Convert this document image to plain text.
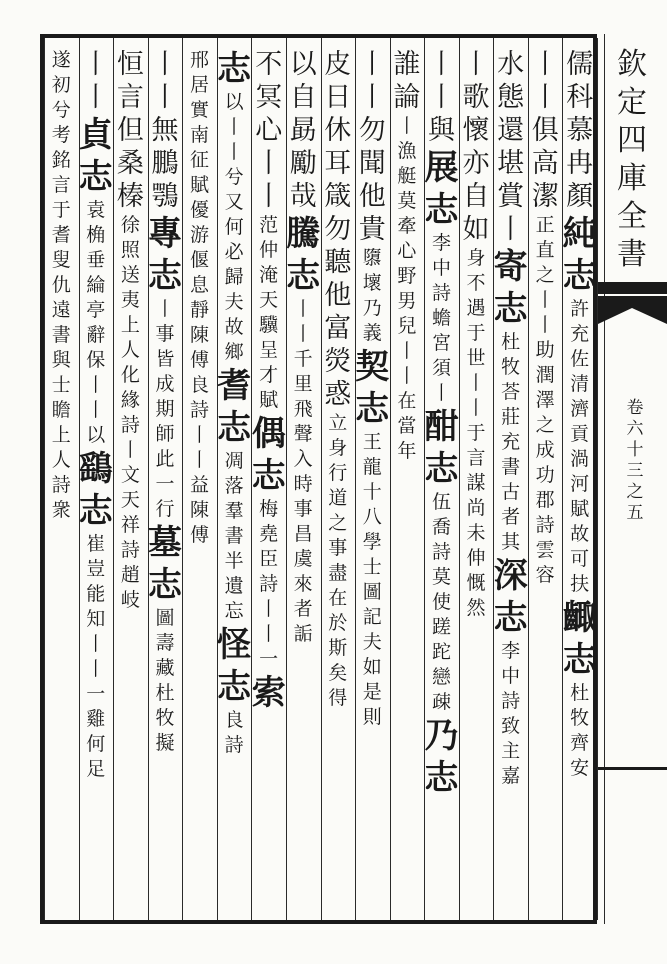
欽
定
四
庫
全
書
卷
六
十
三
之
五
儒
科
慕
冉
顏
純
志
許
充
佐
清
濟
貢
渦
河
賦
故
可
扶
齱
志
杜
牧
齊
安
丨
丨
俱
高
潔
正
直
之
丨
丨
助
潤
澤
之
成
功
郡
詩
雲
容
水
態
還
堪
賞
丨
寄
志
杜
牧
荅
莊
充
書
古
者
其
深
志
李
中
詩
致
主
嘉
丨
歌
懷
亦
自
如
身
不
遇
于
世
丨
丨
于
言
謀
尚
未
伸
慨
然
丨
丨
與
展
志
李
中
詩
蟾
宮
須
丨
酣
志
伍
喬
詩
莫
使
蹉
跎
戀
疎
乃
志
誰
論
丨
漁
艇
莫
牽
心
野
男
兒
丨
丨
在
當
年
丨
丨
勿
聞
他
貴
隳
壞
乃
義
契
志
王
龍
十
八
學
士
圖
記
夫
如
是
則
皮
日
休
耳
箴
勿
聽
他
富
熒
惑
立
身
行
道
之
事
盡
在
於
斯
矣
得
以
自
勗
勵
哉
騰
志
丨
丨
千
里
飛
聲
入
時
事
昌
虞
來
者
詬
不
冥
心
丨
丨
范
仲
淹
天
驥
呈
才
賦
偶
志
梅
堯
臣
詩
丨
丨
一
索
志
以
丨
丨
兮
又
何
必
歸
夫
故
鄉
耆
志
凋
落
羣
書
半
遺
忘
怪
志
良
詩
邢
居
實
南
征
賦
優
游
偃
息
靜
陳
傅
良
詩
丨
丨
益
陳
傅
丨
丨
無
鵬
鶚
專
志
丨
事
皆
成
期
師
此
一
行
墓
志
圖
壽
藏
杜
牧
擬
恒
言
但
桑
榛
徐
照
送
夷
上
人
化
緣
詩
丨
文
天
祥
詩
趙
岐
丨
丨
貞
志
袁
桷
垂
綸
亭
辭
保
丨
丨
以
鷂
志
崔
豈
能
知
丨
丨
一
雞
何
足
遂
初
兮
考
銘
言
于
耆
叟
仇
遠
書
與
士
瞻
上
人
詩
衆
